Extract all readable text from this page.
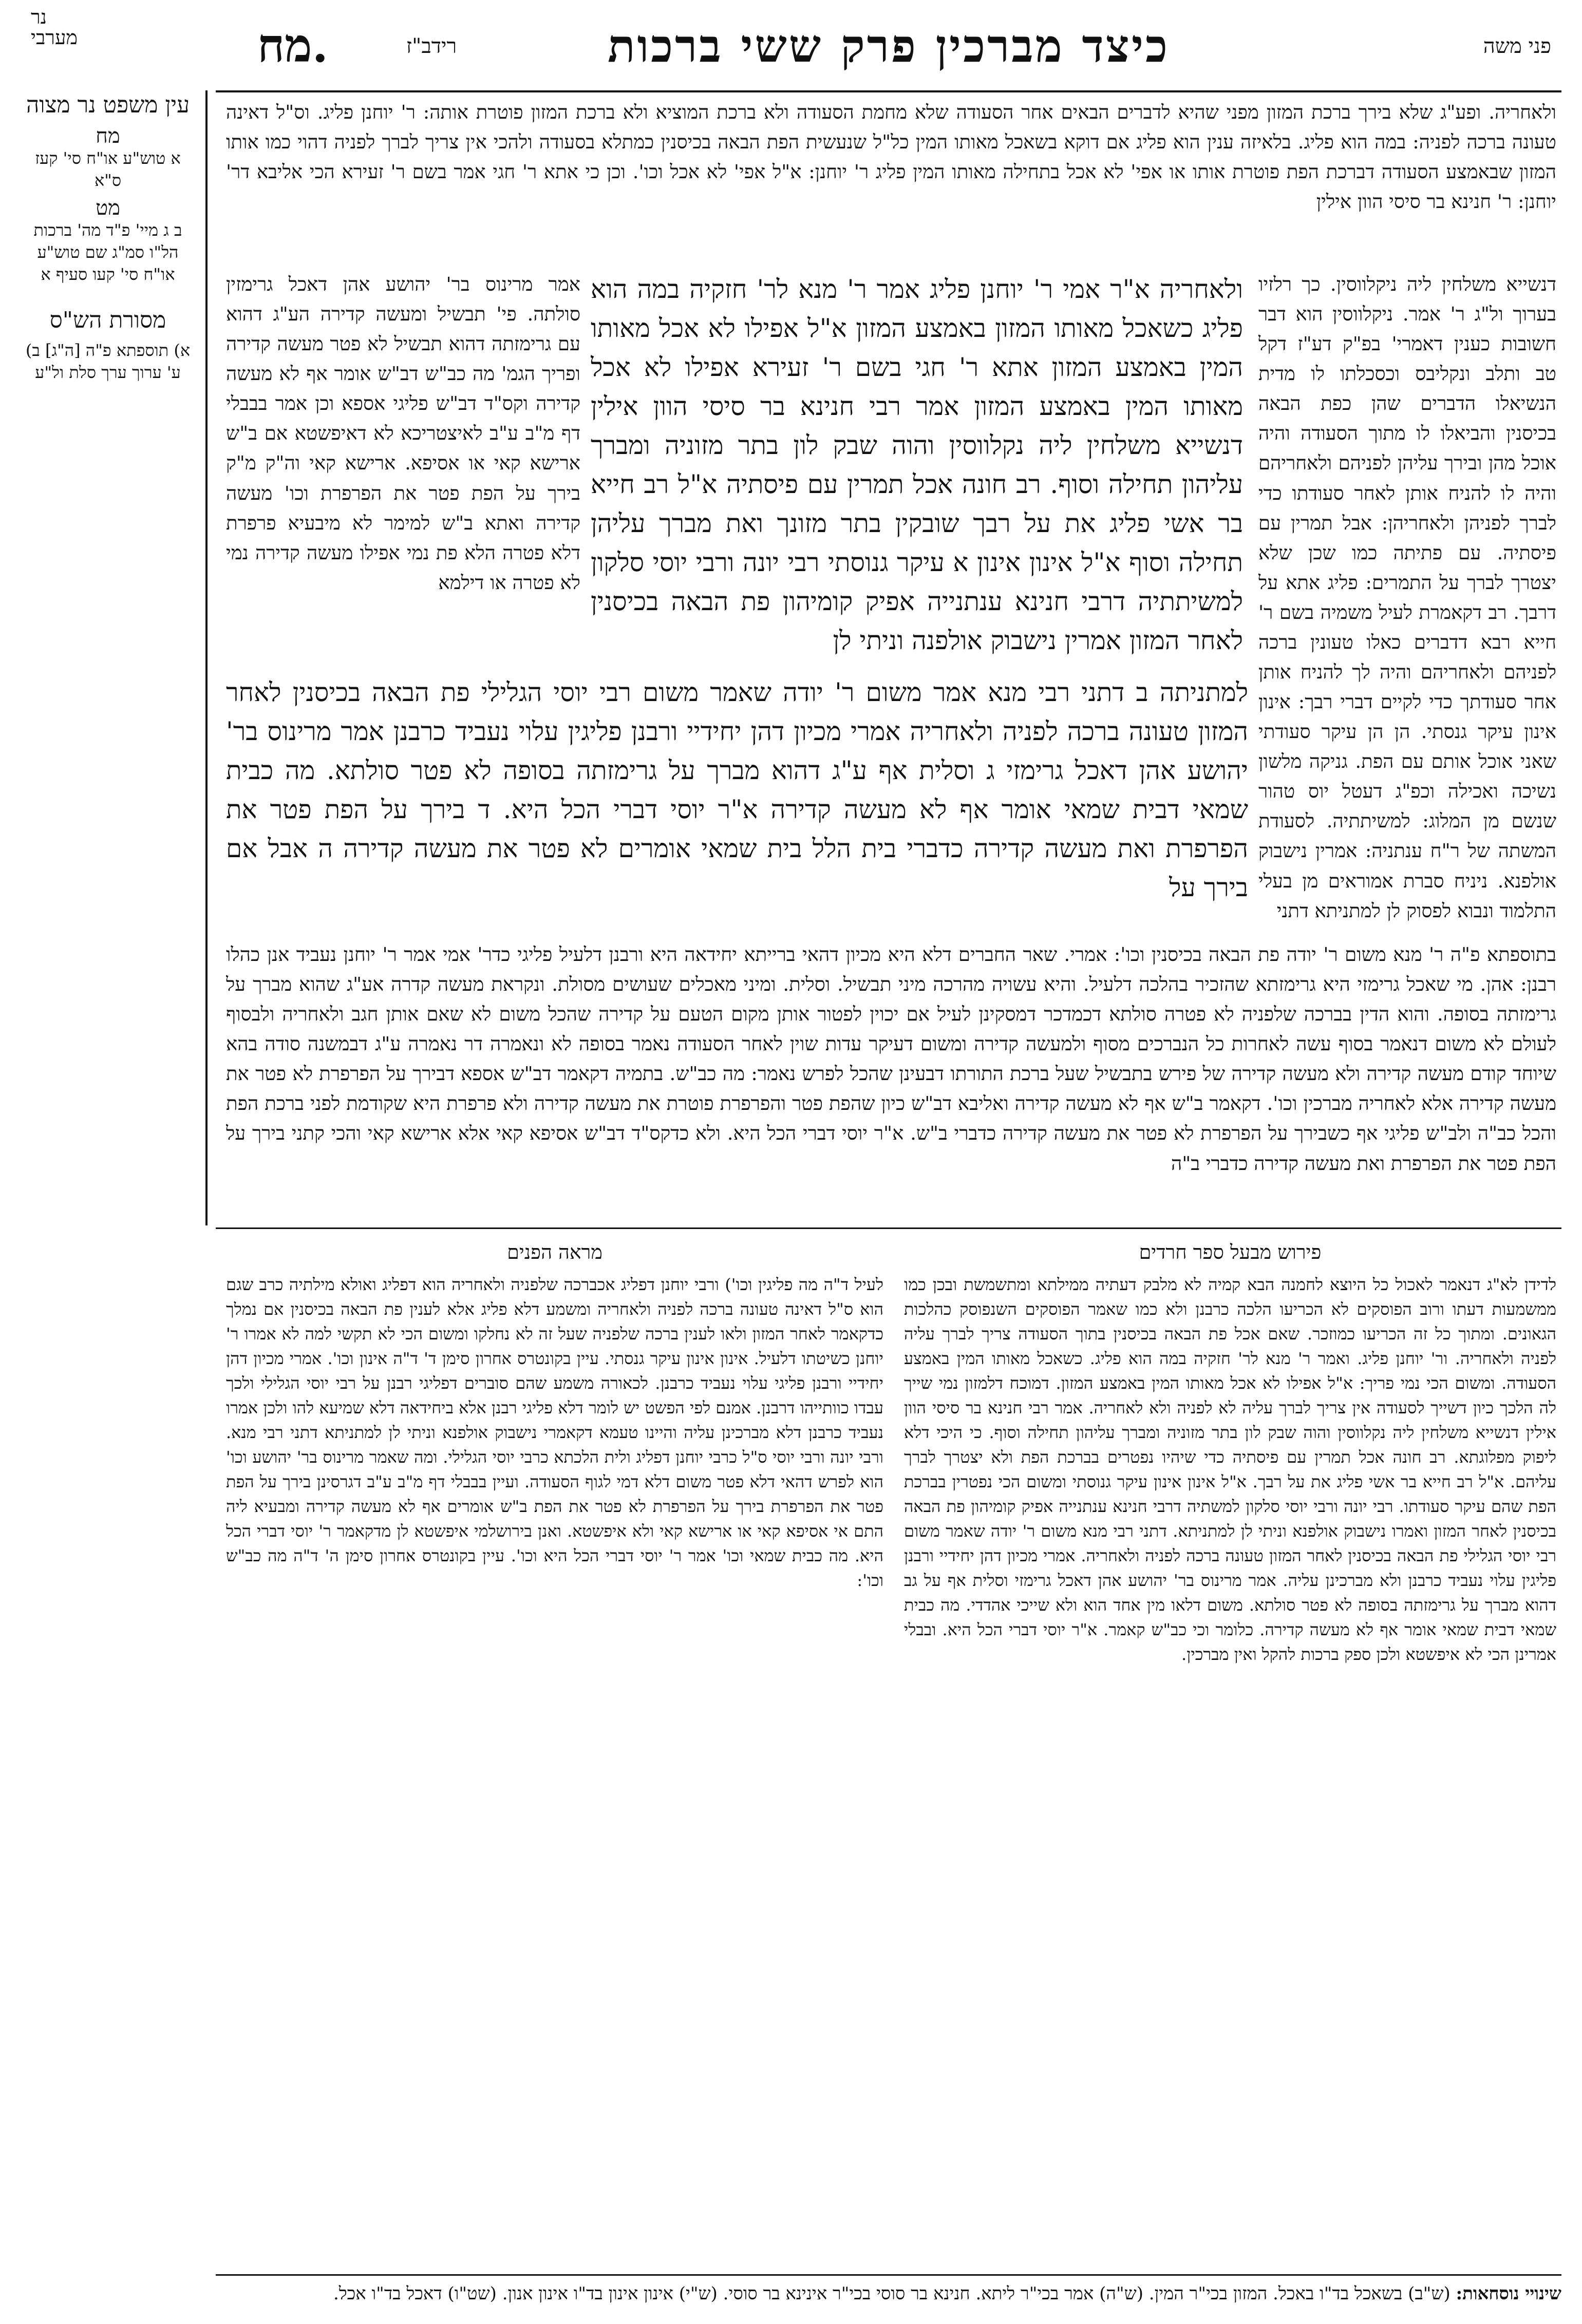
נר
מערבי	מח.	רידב"ז	כיצד מברכין פרק ששי ברכות	פני משה
עין משפט נר מצוה
מח
א טוש"ע או"ח סי' קעז ס"א
מט
ב ג מיי' פ"ד מה' ברכות הל"ו סמ"ג שם טוש"ע או"ח סי' קעו סעיף א
מסורת הש"ס
א) תוספתא פ"ה [ה"ג] ב) ע' ערוך ערך סלת ול"ע
ולאחריה. ופע"ג שלא בירך ברכת המזון מפני שהיא לדברים הבאים אחר הסעודה שלא מחמת הסעודה ולא ברכת המוציא ולא ברכת המזון פוטרת אותה: ר' יוחנן פליג. וס"ל דאינה טעונה ברכה לפניה: במה הוא פליג. בלאיזה ענין הוא פליג אם דוקא בשאכל מאותו המין כל"ל שנעשית הפת הבאה בכיסנין כמתלא בסעודה ולהכי אין צריך לברך לפניה דהוי כמו אותו המזון שבאמצע הסעודה דברכת הפת פוטרת אותו או אפי' לא אכל בתחילה מאותו המין פליג ר' יוחנן: א"ל אפי' לא אכל וכו'. וכן כי אתא ר' חגי אמר בשם ר' זעירא הכי אליבא דר' יוחנן: ר' חנינא בר סיסי הוון אילין
דנשייא משלחין ליה ניקלווסין. כך רלזיו בערוך ול"ג ר' אמר. ניקלווסין הוא דבר חשובות כענין דאמרי' בפ"ק דע"ז דקל טב ותלב ונקליבס וכסכלתו לו מדית הנשיאלו הדברים שהן כפת הבאה בכיסנין והביאלו לו מתוך הסעודה והיה אוכל מהן ובירך עליהן לפניהם ולאחריהם והיה לו להניח אותן לאחר סעודתו כדי לברך לפניהן ולאחריהן: אבל תמרין עם פיסתיה. עם פתיתה כמו שכן שלא יצטרך לברך על התמרים: פליג אתא על דרבך. רב דקאמרת לעיל משמיה בשם ר' חייא רבא דדברים כאלו טעונין ברכה לפניהם ולאחריהם והיה לך להניח אותן אחר סעודתך כדי לקיים דברי רבך: אינון אינון עיקר גנסתי. הן הן עיקר סעודתי שאני אוכל אותם עם הפת. גניקה מלשון נשיכה ואכילה וכפ"ג דעטל יוס טהור שנשם מן המלוג: למשיתתיה. לסעודת המשתה של ר"ח ענתניה: אמרין נישבוק אולפנא. ניניח סברת אמוראים מן בעלי התלמוד ונבוא לפסוק לן למתניתא דתני
ולאחריה א"ר אמי ר' יוחנן פליג אמר ר' מנא לר' חזקיה במה הוא פליג כשאכל מאותו המזון באמצע המזון א"ל אפילו לא אכל מאותו המין באמצע המזון אתא ר' חגי בשם ר' זעירא אפילו לא אכל מאותו המין באמצע המזון אמר רבי חנינא בר סיסי הוון אילין דנשייא משלחין ליה נקלווסין והוה שבק לון בתר מזוניה ומברך עליהון תחילה וסוף. רב חונה אכל תמרין עם פיסתיה א"ל רב חייא בר אשי פליג את על רבך שובקין בתר מזונך ואת מברך עליהן תחילה וסוף א"ל אינון אינון א עיקר גנוסתי רבי יונה ורבי יוסי סלקון למשיתתיה דרבי חנינא ענתנייה אפיק קומיהון פת הבאה בכיסנין לאחר המזון אמרין נישבוק אולפנה וניתי לן
אמר מרינוס בר' יהושע אהן דאכל גרימזין סולתה. פי' תבשיל ומעשה קדירה הע"ג דהוא עם גרימזתה דהוא תבשיל לא פטר מעשה קדירה ופריך הגמ' מה כב"ש דב"ש אומר אף לא מעשה קדירה וקס"ד דב"ש פליגי אספא וכן אמר בבבלי דף מ"ב ע"ב לאיצטריכא לא דאיפשטא אם ב"ש ארישא קאי או אסיפא. ארישא קאי וה"ק מ"ק בירך על הפת פטר את הפרפרת וכו' מעשה קדירה ואתא ב"ש למימר לא מיבעיא פרפרת דלא פטרה הלא פת נמי אפילו מעשה קדירה נמי לא פטרה או דילמא
למתניתה ב דתני רבי מנא אמר משום ר' יודה שאמר משום רבי יוסי הגלילי פת הבאה בכיסנין לאחר המזון טעונה ברכה לפניה ולאחריה אמרי מכיון דהן יחידיי ורבנן פליגין עלוי נעביד כרבנן אמר מרינוס בר' יהושע אהן דאכל גרימזי ג וסלית אף ע"ג דהוא מברך על גרימזתה בסופה לא פטר סולתא. מה כבית שמאי דבית שמאי אומר אף לא מעשה קדירה א"ר יוסי דברי הכל היא. ד בירך על הפת פטר את הפרפרת ואת מעשה קדירה כדברי בית הלל בית שמאי אומרים לא פטר את מעשה קדירה ה אבל אם בירך על
בתוספתא פ"ה ר' מנא משום ר' יודה פת הבאה בכיסנין וכו': אמרי. שאר החברים דלא היא מכיון דהאי ברייתא יחידאה היא ורבנן דלעיל פליגי כדר' אמי אמר ר' יוחנן נעביד אנן כהלו רבנן: אהן. מי שאכל גרימזי היא גרימזתא שהזכיר בהלכה דלעיל. והיא עשויה מהרכה מיני תבשיל. וסלית. ומיני מאכלים שעושים מסולת. ונקראת מעשה קדרה אע"ג שהוא מברך על גרימזתה בסופה. והוא הדין בברכה שלפניה לא פטרה סולתא דכמדכר דמסקינן לעיל אם יכוין לפטור אותן מקום הטעם על קדירה שהכל משום לא שאם אותן חגב ולאחריה ולבסוף לעולם לא משום דנאמר בסוף עשה לאחרות כל הנברכים מסוף ולמעשה קדירה ומשום דעיקר עדות שוין לאחר הסעודה נאמר בסופה לא ונאמרה דר נאמרה ע"ג דבמשנה סודה בהא שיוחד קודם מעשה קדירה ולא מעשה קדירה של פירש בתבשיל שעל ברכת התורתו דבעינן שהכל לפרש נאמר: מה כב"ש. בתמיה דקאמר דב"ש אספא דבירך על הפרפרת לא פטר את מעשה קדירה אלא לאחריה מברכין וכו'. דקאמר ב"ש אף לא מעשה קדירה ואליבא דב"ש כיון שהפת פטר והפרפרת פוטרת את מעשה קדירה ולא פרפרת היא שקודמת לפני ברכת הפת והכל כב"ה ולב"ש פליגי אף כשבירך על הפרפרת לא פטר את מעשה קדירה כדברי ב"ש. א"ר יוסי דברי הכל היא. ולא כדקס"ד דב"ש אסיפא קאי אלא ארישא קאי והכי קתני בירך על הפת פטר את הפרפרת ואת מעשה קדירה כדברי ב"ה
פירוש מבעל ספר חרדים
לדידן לא"ג דנאמר לאכול כל היוצא לחמנה הבא קמיה לא מלבק דעתיה ממילתא ומתשמשת ובכן כמו ממשמעות דעתו ורוב הפוסקים לא הכריעו הלכה כרבנן ולא כמו שאמר הפוסקים השנפוסק כהלכות הגאונים. ומתוך כל זה הכריעו כמוזכר. שאם אכל פת הבאה בכיסנין בתוך הסעודה צריך לברך עליה לפניה ולאחריה. ור' יוחנן פליג. ואמר ר' מנא לר' חזקיה במה הוא פליג. כשאכל מאותו המין באמצע הסעודה. ומשום הכי נמי פריך: א"ל אפילו לא אכל מאותו המין באמצע המזון. דמוכח דלמזון נמי שייך לה הלכך כיון דשייך לסעודה אין צריך לברך עליה לא לפניה ולא לאחריה. אמר רבי חנינא בר סיסי הוון אילין דנשייא משלחין ליה נקלווסין והוה שבק לון בתר מזוניה ומברך עליהון תחילה וסוף. כי היכי דלא ליפוק מפלוגתא. רב חונה אכל תמרין עם פיסתיה כדי שיהיו נפטרים בברכת הפת ולא יצטרך לברך עליהם. א"ל רב חייא בר אשי פליג את על רבך. א"ל אינון אינון עיקר גנוסתי ומשום הכי נפטרין בברכת הפת שהם עיקר סעודתו. רבי יונה ורבי יוסי סלקון למשתיה דרבי חנינא ענתנייה אפיק קומיהון פת הבאה בכיסנין לאחר המזון ואמרו נישבוק אולפנא וניתי לן למתניתא. דתני רבי מנא משום ר' יודה שאמר משום רבי יוסי הגלילי פת הבאה בכיסנין לאחר המזון טעונה ברכה לפניה ולאחריה. אמרי מכיון דהן יחידיי ורבנן פליגין עלוי נעביד כרבנן ולא מברכינן עליה. אמר מרינוס בר' יהושע אהן דאכל גרימזי וסלית אף על גב דהוא מברך על גרימזתה בסופה לא פטר סולתא. משום דלאו מין אחד הוא ולא שייכי אהדדי. מה כבית שמאי דבית שמאי אומר אף לא מעשה קדירה. כלומר וכי כב"ש קאמר. א"ר יוסי דברי הכל היא. ובבלי אמרינן הכי לא איפשטא ולכן ספק ברכות להקל ואין מברכין.
מראה הפנים
לעיל ד"ה מה פליגין וכו') ורבי יוחנן דפליג אכברכה שלפניה ולאחריה הוא דפליג ואולא מילתיה כרב שגם הוא ס"ל דאינה טעונה ברכה לפניה ולאחריה ומשמע דלא פליג אלא לענין פת הבאה בכיסנין אם נמלך כדקאמר לאחר המזון ולאו לענין ברכה שלפניה שעל זה לא נחלקו ומשום הכי לא תקשי למה לא אמרו ר' יוחנן כשיטתו דלעיל. אינון אינון עיקר גנסתי. עיין בקונטרס אחרון סימן ד' ד"ה אינון וכו'. אמרי מכיון דהן יחידיי ורבנן פליגי עלוי נעביד כרבנן. לכאורה משמע שהם סוברים דפליגי רבנן על רבי יוסי הגלילי ולכך עבדו כוותייהו דרבנן. אמנם לפי הפשט יש לומר דלא פליגי רבנן אלא ביחידאה דלא שמיעא להו ולכן אמרו נעביד כרבנן דלא מברכינן עליה והיינו טעמא דקאמרי נישבוק אולפנא וניתי לן למתניתא דתני רבי מנא. ורבי יונה ורבי יוסי ס"ל כרבי יוחנן דפליג ולית הלכתא כרבי יוסי הגלילי. ומה שאמר מרינוס בר' יהושע וכו' הוא לפרש דהאי דלא פטר משום דלא דמי לגוף הסעודה. ועיין בבבלי דף מ"ב ע"ב דגרסינן בירך על הפת פטר את הפרפרת בירך על הפרפרת לא פטר את הפת ב"ש אומרים אף לא מעשה קדירה ומבעיא ליה התם אי אסיפא קאי או ארישא קאי ולא איפשטא. ואנן בירושלמי איפשטא לן מדקאמר ר' יוסי דברי הכל היא. מה כבית שמאי וכו' אמר ר' יוסי דברי הכל היא וכו'. עיין בקונטרס אחרון סימן ה' ד"ה מה כב"ש וכו':
שינויי נוסחאות: (ש"ב) בשאכל בד"ו באכל. המזון בכי"ר המין. (ש"ה) אמר בכי"ר ליתא. חנינא בר סוסי בכי"ר אינינא בר סוסי. (ש"י) אינון אינון בד"ו אינון אנון. (שט"ו) דאכל בד"ו אכל.
